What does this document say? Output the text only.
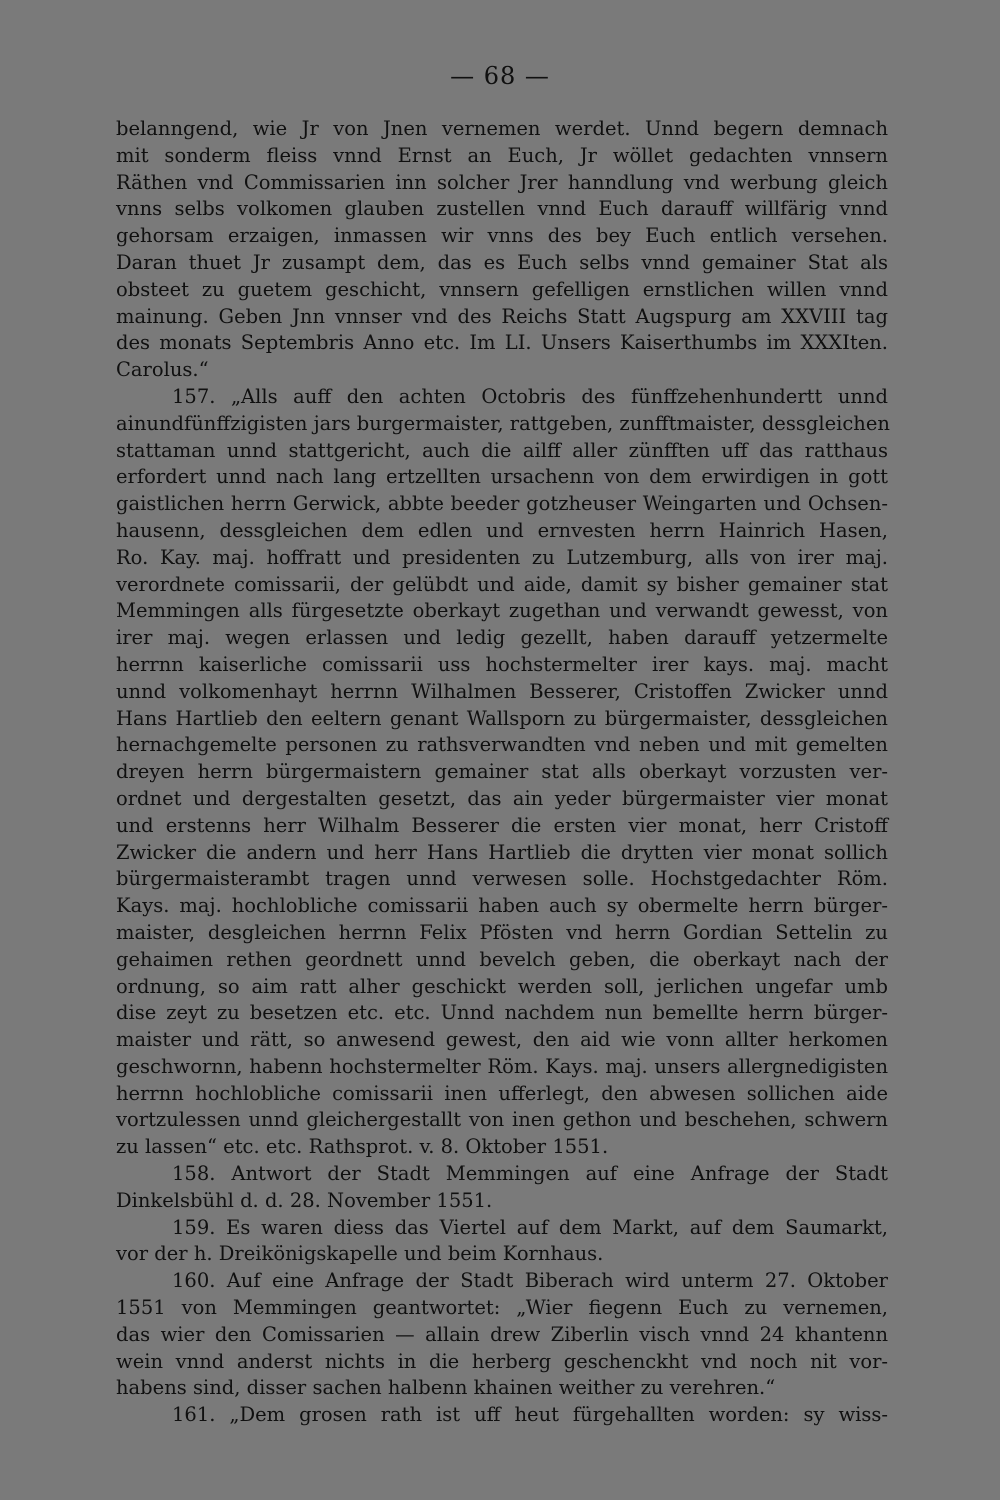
— 68 —
belanngend, wie Jr von Jnen vernemen werdet. Unnd begern demnach
mit sonderm fleiss vnnd Ernst an Euch, Jr wöllet gedachten vnnsern
Räthen vnd Commissarien inn solcher Jrer hanndlung vnd werbung gleich
vnns selbs volkomen glauben zustellen vnnd Euch darauff willfärig vnnd
gehorsam erzaigen, inmassen wir vnns des bey Euch entlich versehen.
Daran thuet Jr zusampt dem, das es Euch selbs vnnd gemainer Stat als
obsteet zu guetem geschicht, vnnsern gefelligen ernstlichen willen vnnd
mainung. Geben Jnn vnnser vnd des Reichs Statt Augspurg am XXVIII tag
des monats Septembris Anno etc. Im LI. Unsers Kaiserthumbs im XXXIten.
Carolus.“
157. „Alls auff den achten Octobris des fünffzehenhundertt unnd
ainundfünffzigisten jars burgermaister, rattgeben, zunfftmaister, dessgleichen
stattaman unnd stattgericht, auch die ailff aller zünfften uff das ratthaus
erfordert unnd nach lang ertzellten ursachenn von dem erwirdigen in gott
gaistlichen herrn Gerwick, abbte beeder gotzheuser Weingarten und Ochsen-
hausenn, dessgleichen dem edlen und ernvesten herrn Hainrich Hasen,
Ro. Kay. maj. hoffratt und presidenten zu Lutzemburg, alls von irer maj.
verordnete comissarii, der gelübdt und aide, damit sy bisher gemainer stat
Memmingen alls fürgesetzte oberkayt zugethan und verwandt gewesst, von
irer maj. wegen erlassen und ledig gezellt, haben darauff yetzermelte
herrnn kaiserliche comissarii uss hochstermelter irer kays. maj. macht
unnd volkomenhayt herrnn Wilhalmen Besserer, Cristoffen Zwicker unnd
Hans Hartlieb den eeltern genant Wallsporn zu bürgermaister, dessgleichen
hernachgemelte personen zu rathsverwandten vnd neben und mit gemelten
dreyen herrn bürgermaistern gemainer stat alls oberkayt vorzusten ver-
ordnet und dergestalten gesetzt, das ain yeder bürgermaister vier monat
und erstenns herr Wilhalm Besserer die ersten vier monat, herr Cristoff
Zwicker die andern und herr Hans Hartlieb die drytten vier monat sollich
bürgermaisterambt tragen unnd verwesen solle. Hochstgedachter Röm.
Kays. maj. hochlobliche comissarii haben auch sy obermelte herrn bürger-
maister, desgleichen herrnn Felix Pfösten vnd herrn Gordian Settelin zu
gehaimen rethen geordnett unnd bevelch geben, die oberkayt nach der
ordnung, so aim ratt alher geschickt werden soll, jerlichen ungefar umb
dise zeyt zu besetzen etc. etc. Unnd nachdem nun bemellte herrn bürger-
maister und rätt, so anwesend gewest, den aid wie vonn allter herkomen
geschwornn, habenn hochstermelter Röm. Kays. maj. unsers allergnedigisten
herrnn hochlobliche comissarii inen ufferlegt, den abwesen sollichen aide
vortzulessen unnd gleichergestallt von inen gethon und beschehen, schwern
zu lassen“ etc. etc. Rathsprot. v. 8. Oktober 1551.
158. Antwort der Stadt Memmingen auf eine Anfrage der Stadt
Dinkelsbühl d. d. 28. November 1551.
159. Es waren diess das Viertel auf dem Markt, auf dem Saumarkt,
vor der h. Dreikönigskapelle und beim Kornhaus.
160. Auf eine Anfrage der Stadt Biberach wird unterm 27. Oktober
1551 von Memmingen geantwortet: „Wier fiegenn Euch zu vernemen,
das wier den Comissarien — allain drew Ziberlin visch vnnd 24 khantenn
wein vnnd anderst nichts in die herberg geschenckht vnd noch nit vor-
habens sind, disser sachen halbenn khainen weither zu verehren.“
161. „Dem grosen rath ist uff heut fürgehallten worden: sy wiss-
